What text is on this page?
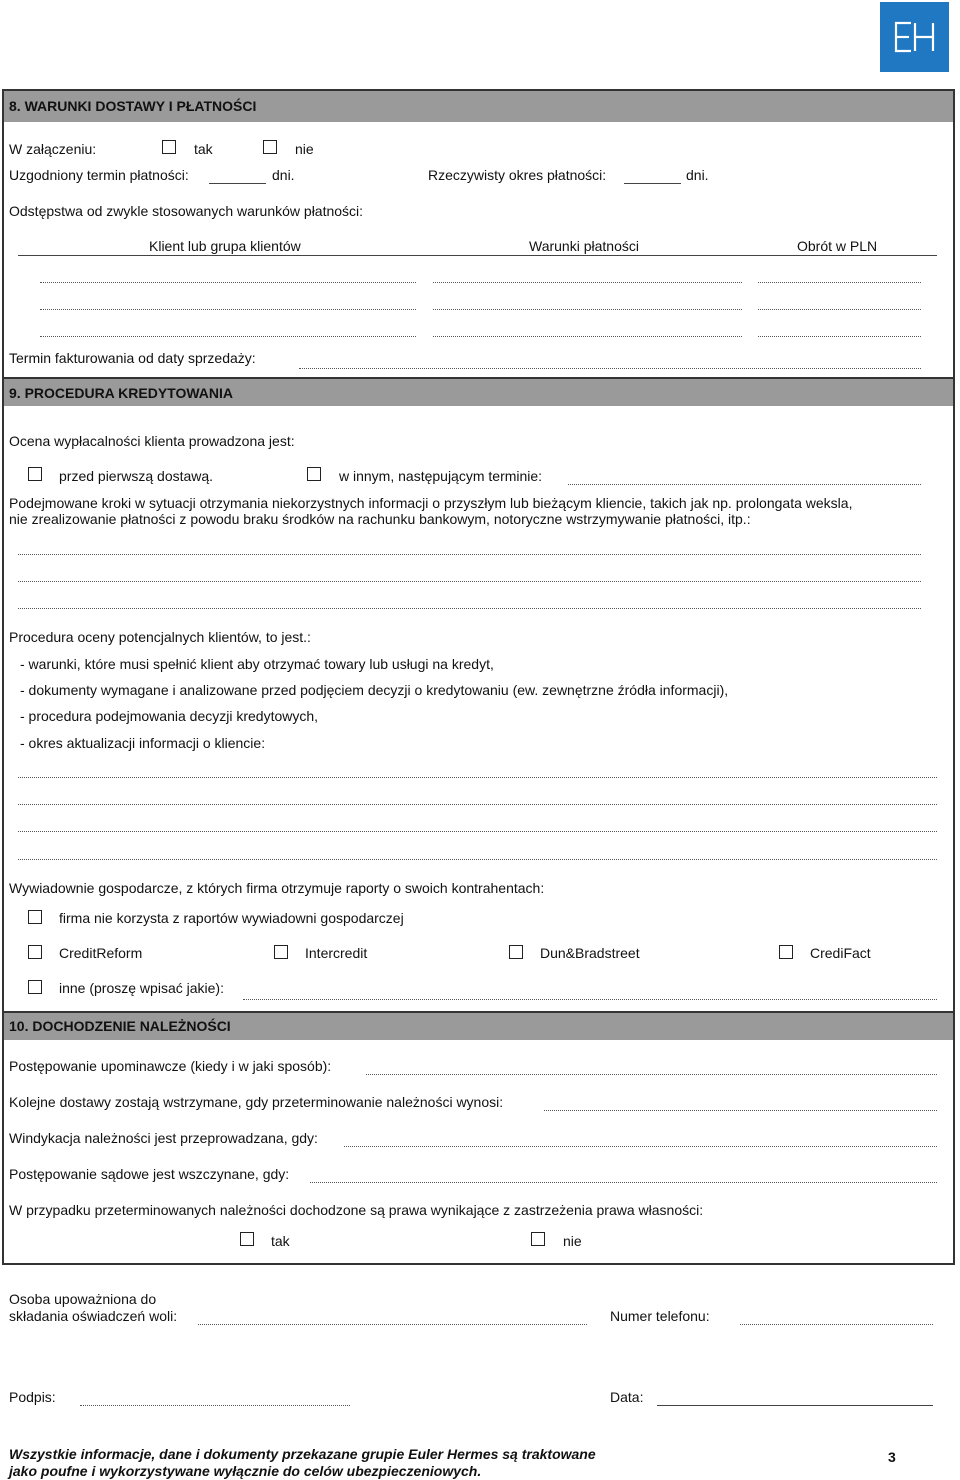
8. WARUNKI DOSTAWY I PŁATNOŚCI
W załączeniu:	tak	nie
Uzgodniony termin płatności:	dni.	Rzeczywisty okres płatności:	dni.
Odstępstwa od zwykle stosowanych warunków płatności:
Klient lub grupa klientów	Warunki płatności	Obrót w PLN
Termin fakturowania od daty sprzedaży:
9. PROCEDURA KREDYTOWANIA
Ocena wypłacalności klienta prowadzona jest:
przed pierwszą dostawą.	w innym, następującym terminie:
Podejmowane kroki w sytuacji otrzymania niekorzystnych informacji o przyszłym lub bieżącym kliencie, takich jak np. prolongata weksla,
nie zrealizowanie płatności z powodu braku środków na rachunku bankowym, notoryczne wstrzymywanie płatności, itp.:
Procedura oceny potencjalnych klientów, to jest.:
- warunki, które musi spełnić klient aby otrzymać towary lub usługi na kredyt,
- dokumenty wymagane i analizowane przed podjęciem decyzji o kredytowaniu (ew. zewnętrzne źródła informacji),
- procedura podejmowania decyzji kredytowych,
- okres aktualizacji informacji o kliencie:
Wywiadownie gospodarcze, z których firma otrzymuje raporty o swoich kontrahentach:
firma nie korzysta z raportów wywiadowni gospodarczej
CreditReform	Intercredit	Dun&Bradstreet	CrediFact
inne (proszę wpisać jakie):
10. DOCHODZENIE NALEŻNOŚCI
Postępowanie upominawcze (kiedy i w jaki sposób):
Kolejne dostawy zostają wstrzymane, gdy przeterminowanie należności wynosi:
Windykacja należności jest przeprowadzana, gdy:
Postępowanie sądowe jest wszczynane, gdy:
W przypadku przeterminowanych należności dochodzone są prawa wynikające z zastrzeżenia prawa własności:
tak	nie
Osoba upoważniona do
składania oświadczeń woli:	Numer telefonu:
Podpis:	Data:
Wszystkie informacje, dane i dokumenty przekazane grupie Euler Hermes są traktowane
jako poufne i wykorzystywane wyłącznie do celów ubezpieczeniowych.
3
